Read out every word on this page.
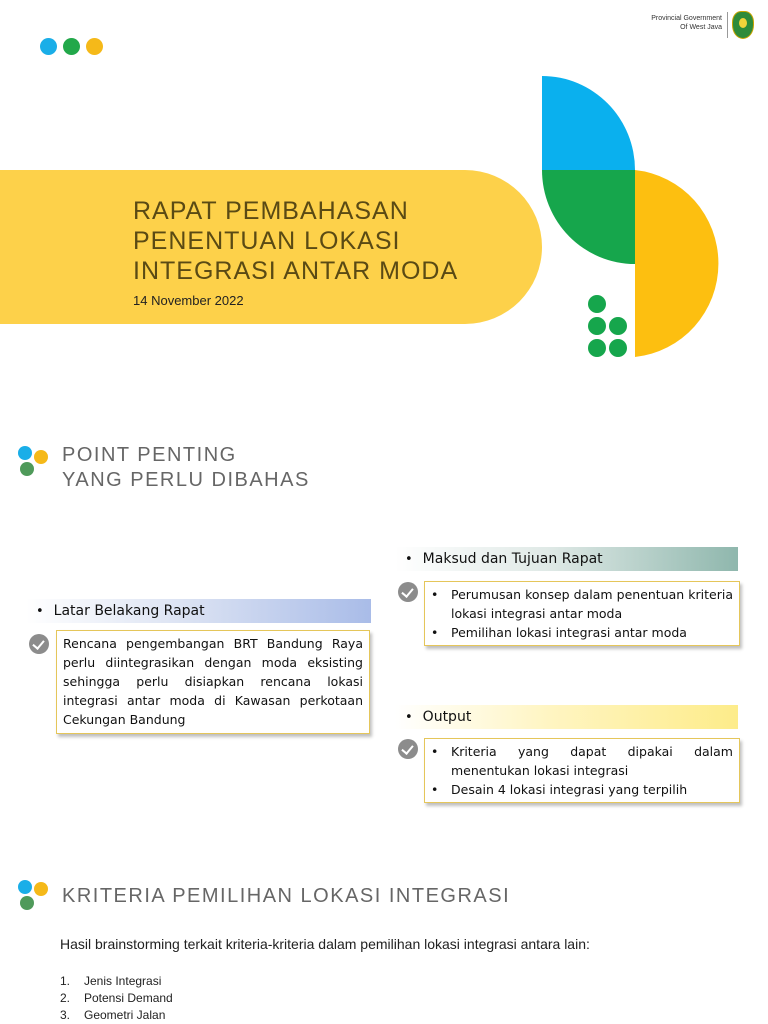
Provincial Government
Of West Java
RAPAT PEMBAHASAN
PENENTUAN LOKASI
INTEGRASI ANTAR MODA
14 November 2022
POINT PENTING
YANG PERLU DIBAHAS
• Maksud dan Tujuan Rapat
• Perumusan konsep dalam penentuan kriteria lokasi integrasi antar moda
• Pemilihan lokasi integrasi antar moda
• Latar Belakang Rapat
Rencana pengembangan BRT Bandung Raya perlu diintegrasikan dengan moda eksisting sehingga perlu disiapkan rencana lokasi integrasi antar moda di Kawasan perkotaan Cekungan Bandung	• Output
• Kriteria yang dapat dipakai dalam menentukan lokasi integrasi
• Desain 4 lokasi integrasi yang terpilih
KRITERIA PEMILIHAN LOKASI INTEGRASI
Hasil brainstorming terkait kriteria-kriteria dalam pemilihan lokasi integrasi antara lain:
1. Jenis Integrasi
2. Potensi Demand
3. Geometri Jalan
